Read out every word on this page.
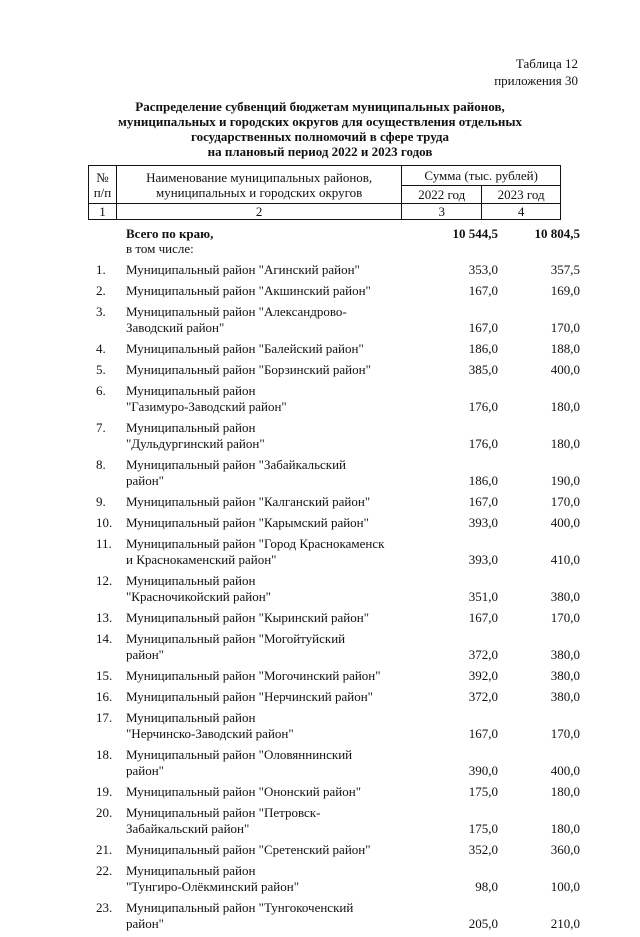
Таблица 12
приложения 30
Распределение субвенций бюджетам муниципальных районов,
муниципальных и городских округов для осуществления отдельных
государственных полномочий в сфере труда
на плановый период 2022 и 2023 годов
№
п/п	Наименование муниципальных районов,
муниципальных и городских округов	Сумма (тыс. рублей)	
		2022 год	2023 год
1	2	3	4
Всего по краю,	10 544,5	10 804,5
в том числе:
1.	Муниципальный район "Агинский район"	353,0	357,5
2.	Муниципальный район "Акшинский район"	167,0	169,0
3.	Муниципальный район "Александрово-
Заводский район"	167,0	170,0
4.	Муниципальный район "Балейский район"	186,0	188,0
5.	Муниципальный район "Борзинский район"	385,0	400,0
6.	Муниципальный район
"Газимуро-Заводский район"	176,0	180,0
7.	Муниципальный район
"Дульдургинский район"	176,0	180,0
8.	Муниципальный район "Забайкальский
район"	186,0	190,0
9.	Муниципальный район "Калганский район"	167,0	170,0
10.	Муниципальный район "Карымский район"	393,0	400,0
11.	Муниципальный район "Город Краснокаменск
и Краснокаменский район"	393,0	410,0
12.	Муниципальный район
"Красночикойский район"	351,0	380,0
13.	Муниципальный район "Кыринский район"	167,0	170,0
14.	Муниципальный район "Могойтуйский
район"	372,0	380,0
15.	Муниципальный район "Могочинский район"	392,0	380,0
16.	Муниципальный район "Нерчинский район"	372,0	380,0
17.	Муниципальный район
"Нерчинско-Заводский район"	167,0	170,0
18.	Муниципальный район "Оловяннинский
район"	390,0	400,0
19.	Муниципальный район "Ононский район"	175,0	180,0
20.	Муниципальный район "Петровск-
Забайкальский район"	175,0	180,0
21.	Муниципальный район "Сретенский район"	352,0	360,0
22.	Муниципальный район
"Тунгиро-Олёкминский район"	98,0	100,0
23.	Муниципальный район "Тунгокоченский
район"	205,0	210,0
